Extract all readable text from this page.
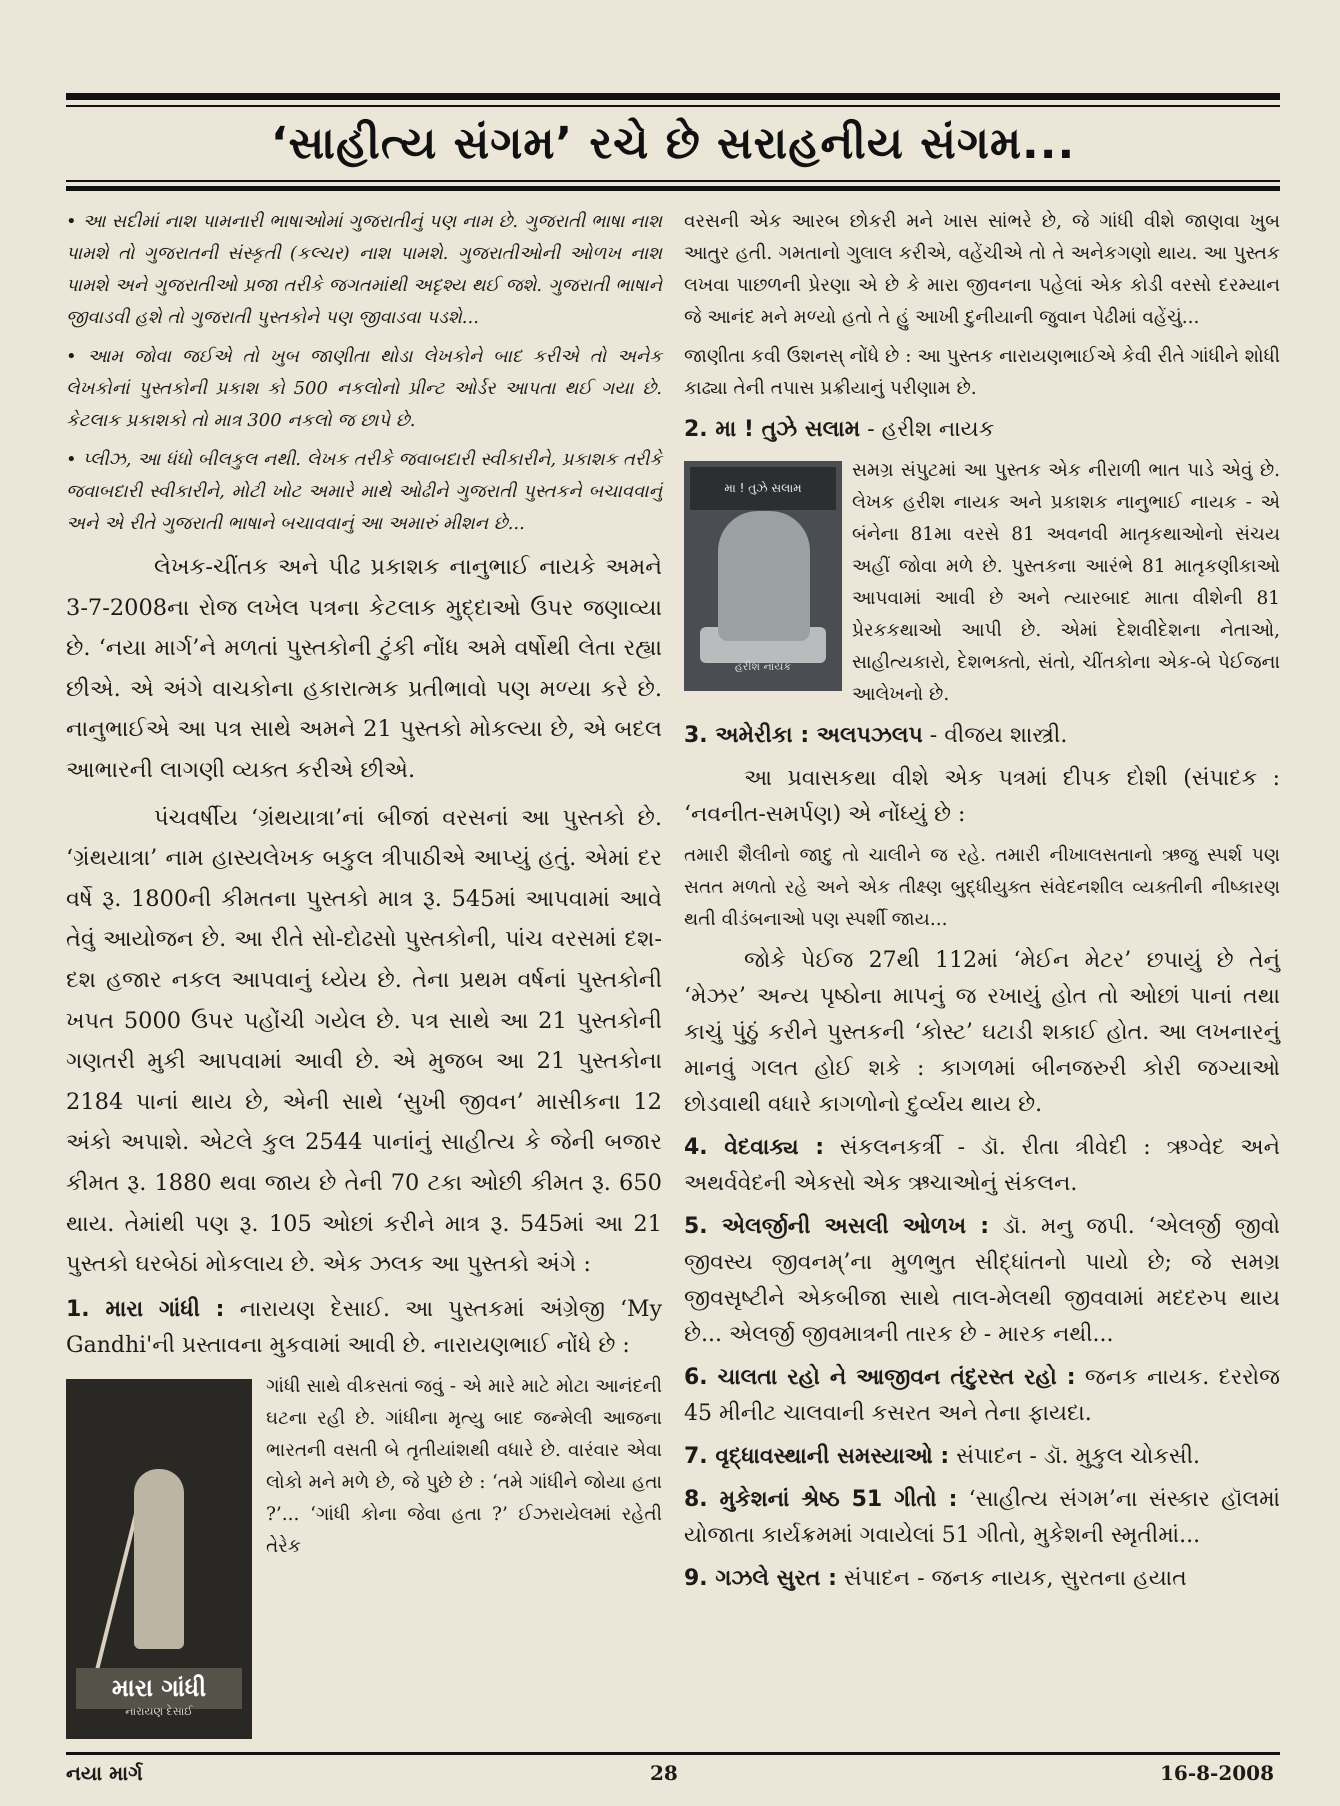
‘સાહીત્ય સંગમ’ રચે છે સરાહનીય સંગમ...

• આ સદીમાં નાશ પામનારી ભાષાઓમાં ગુજરાતીનું પણ નામ છે. ગુજરાતી ભાષા નાશ પામશે તો ગુજરાતની સંસ્કૃતી (કલ્ચર) નાશ પામશે. ગુજરાતીઓની ઓળખ નાશ પામશે અને ગુજરાતીઓ પ્રજા તરીકે જગતમાંથી અદૃશ્ય થઈ જશે. ગુજરાતી ભાષાને જીવાડવી હશે તો ગુજરાતી પુસ્તકોને પણ જીવાડવા પડશે...

• આમ જોવા જઈએ તો ખુબ જાણીતા થોડા લેખકોને બાદ કરીએ તો અનેક લેખકોનાં પુસ્તકોની પ્રકાશ કો 500 નકલોનો પ્રીન્ટ ઓર્ડર આપતા થઈ ગયા છે. કેટલાક પ્રકાશકો તો માત્ર 300 નકલો જ છાપે છે.

• પ્લીઝ, આ ધંધો બીલકુલ નથી. લેખક તરીકે જવાબદારી સ્વીકારીને, પ્રકાશક તરીકે જવાબદારી સ્વીકારીને, મોટી ખોટ અમારે માથે ઓઢીને ગુજરાતી પુસ્તકને બચાવવાનું અને એ રીતે ગુજરાતી ભાષાને બચાવવાનું આ અમારું મીશન છે...

લેખક-ચીંતક અને પીઢ પ્રકાશક નાનુભાઈ નાયકે અમને 3-7-2008ના રોજ લખેલ પત્રના કેટલાક મુદ્દાઓ ઉપર જણાવ્યા છે. ‘નયા માર્ગ’ને મળતાં પુસ્તકોની ટુંકી નોંધ અમે વર્ષોથી લેતા રહ્યા છીએ. એ અંગે વાચકોના હકારાત્મક પ્રતીભાવો પણ મળ્યા કરે છે. નાનુભાઈએ આ પત્ર સાથે અમને 21 પુસ્તકો મોકલ્યા છે, એ બદલ આભારની લાગણી વ્યક્ત કરીએ છીએ.

પંચવર્ષીય ‘ગ્રંથયાત્રા’નાં બીજાં વરસનાં આ પુસ્તકો છે. ‘ગ્રંથયાત્રા’ નામ હાસ્યલેખક બકુલ ત્રીપાઠીએ આપ્યું હતું. એમાં દર વર્ષે રૂ. 1800ની કીમતના પુસ્તકો માત્ર રૂ. 545માં આપવામાં આવે તેવું આયોજન છે. આ રીતે સો-દોઢસો પુસ્તકોની, પાંચ વરસમાં દશ-દશ હજાર નકલ આપવાનું ધ્યેય છે. તેના પ્રથમ વર્ષનાં પુસ્તકોની ખપત 5000 ઉપર પહોંચી ગયેલ છે. પત્ર સાથે આ 21 પુસ્તકોની ગણતરી મુકી આપવામાં આવી છે. એ મુજબ આ 21 પુસ્તકોના 2184 પાનાં થાય છે, એની સાથે ‘સુખી જીવન’ માસીકના 12 અંકો અપાશે. એટલે કુલ 2544 પાનાંનું સાહીત્ય કે જેની બજાર કીમત રૂ. 1880 થવા જાય છે તેની 70 ટકા ઓછી કીમત રૂ. 650 થાય. તેમાંથી પણ રૂ. 105 ઓછાં કરીને માત્ર રૂ. 545માં આ 21 પુસ્તકો ઘરબેઠાં મોકલાય છે. એક ઝલક આ પુસ્તકો અંગે :

1. મારા ગાંધી : નારાયણ દેસાઈ. આ પુસ્તકમાં અંગ્રેજી ‘My Gandhi'ની પ્રસ્તાવના મુકવામાં આવી છે. નારાયણભાઈ નોંધે છે :

મારા ગાંધી
નારાયણ દેસાઈ

ગાંધી સાથે વીકસતાં જવું - એ મારે માટે મોટા આનંદની ઘટના રહી છે. ગાંધીના મૃત્યુ બાદ જન્મેલી આજના ભારતની વસતી બે તૃતીયાંશથી વધારે છે. વારંવાર એવા લોકો મને મળે છે, જે પુછે છે : ‘તમે ગાંધીને જોયા હતા ?’... ‘ગાંધી કોના જેવા હતા ?’ ઈઝરાયેલમાં રહેતી તેરેક

વરસની એક આરબ છોકરી મને ખાસ સાંભરે છે, જે ગાંધી વીશે જાણવા ખુબ આતુર હતી. ગમતાનો ગુલાલ કરીએ, વહેંચીએ તો તે અનેકગણો થાય. આ પુસ્તક લખવા પાછળની પ્રેરણા એ છે કે મારા જીવનના પહેલાં એક કોડી વરસો દરમ્યાન જે આનંદ મને મળ્યો હતો તે હું આખી દુનીયાની જુવાન પેઢીમાં વહેંચું...

જાણીતા કવી ઉશનસ્ નોંધે છે : આ પુસ્તક નારાયણભાઈએ કેવી રીતે ગાંધીને શોધી કાઢ્યા તેની તપાસ પ્રક્રીયાનું પરીણામ છે.

2. મા ! તુઝે સલામ - હરીશ નાયક

મા ! તુઝે સલામ
હરીશ નાયક

સમગ્ર સંપુટમાં આ પુસ્તક એક નીરાળી ભાત પાડે એવું છે. લેખક હરીશ નાયક અને પ્રકાશક નાનુભાઈ નાયક - એ બંનેના 81મા વરસે 81 અવનવી માતૃકથાઓનો સંચય અહીં જોવા મળે છે. પુસ્તકના આરંભે 81 માતૃકણીકાઓ આપવામાં આવી છે અને ત્યારબાદ માતા વીશેની 81 પ્રેરકકથાઓ આપી છે. એમાં દેશવીદેશના નેતાઓ, સાહીત્યકારો, દેશભક્તો, સંતો, ચીંતકોના એક-બે પેઈજના આલેખનો છે.

3. અમેરીકા : અલપઝલપ - વીજય શાસ્ત્રી.

આ પ્રવાસકથા વીશે એક પત્રમાં દીપક દોશી (સંપાદક : ‘નવનીત-સમર્પણ) એ નોંધ્યું છે :

તમારી શૈલીનો જાદુ તો ચાલીને જ રહે. તમારી નીખાલસતાનો ઋજુ સ્પર્શ પણ સતત મળતો રહે અને એક તીક્ષ્ણ બુદ્ધીયુક્ત સંવેદનશીલ વ્યક્તીની નીષ્કારણ થતી વીડંબનાઓ પણ સ્પર્શી જાય...

જોકે પેઈજ 27થી 112માં ‘મેઈન મેટર’ છપાયું છે તેનું ‘મેઝર’ અન્ય પૃષ્ઠોના માપનું જ રખાયું હોત તો ઓછાં પાનાં તથા કાચું પુંઠું કરીને પુસ્તકની ‘કોસ્ટ’ ઘટાડી શકાઈ હોત. આ લખનારનું માનવું ગલત હોઈ શકે : કાગળમાં બીનજરુરી કોરી જગ્યાઓ છોડવાથી વધારે કાગળોનો દુર્વ્યય થાય છે.

4. વેદવાક્ય : સંકલનકર્ત્રી - ડૉ. રીતા ત્રીવેદી : ઋગ્વેદ અને અથર્વવેદની એકસો એક ઋચાઓનું સંકલન.

5. એલર્જીની અસલી ઓળખ : ડૉ. મનુ જપી. ‘એલર્જી જીવો જીવસ્ય જીવનમ્’ના મુળભુત સીદ્ધાંતનો પાયો છે; જે સમગ્ર જીવસૃષ્ટીને એકબીજા સાથે તાલ-મેલથી જીવવામાં મદદરુપ થાય છે... એલર્જી જીવમાત્રની તારક છે - મારક નથી...

6. ચાલતા રહો ને આજીવન તંદુરસ્ત રહો : જનક નાયક. દરરોજ 45 મીનીટ ચાલવાની કસરત અને તેના ફાયદા.

7. વૃદ્ધાવસ્થાની સમસ્યાઓ : સંપાદન - ડૉ. મુકુલ ચોકસી.

8. મુકેશનાં શ્રેષ્ઠ 51 ગીતો : ‘સાહીત્ય સંગમ’ના સંસ્કાર હૉલમાં યોજાતા કાર્યક્રમમાં ગવાયેલાં 51 ગીતો, મુકેશની સ્મૃતીમાં...

9. ગઝલે સુરત : સંપાદન - જનક નાયક, સુરતના હયાત

નયા માર્ગ	28	16-8-2008
